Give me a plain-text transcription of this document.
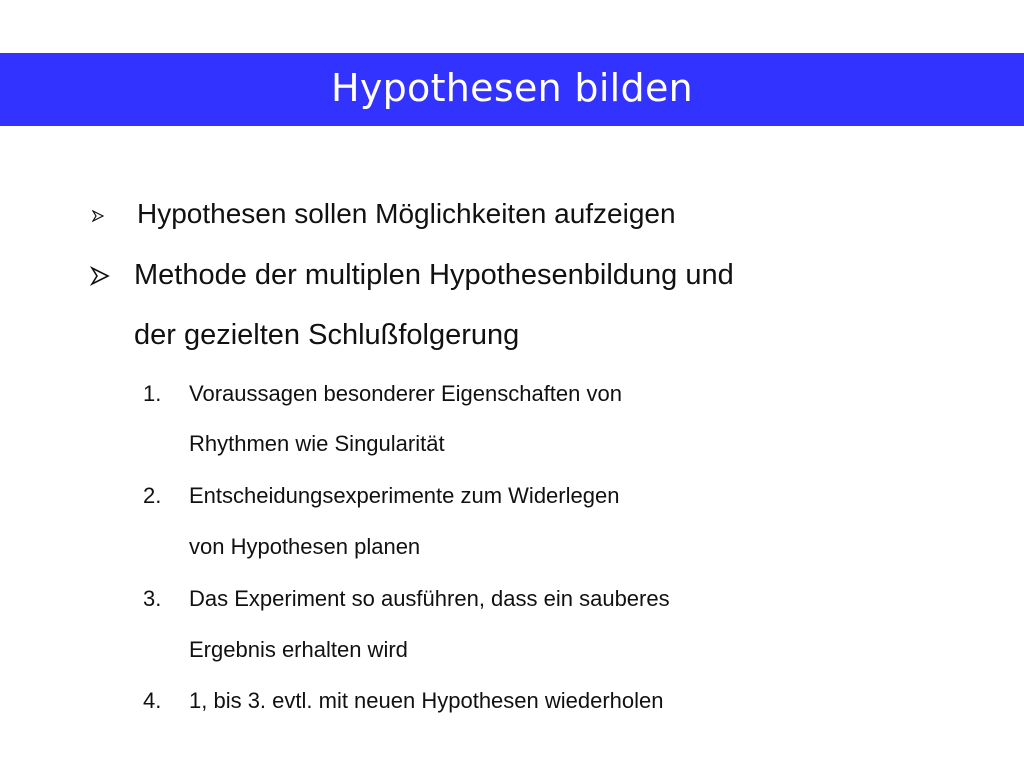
Hypothesen bilden
Hypothesen sollen Möglichkeiten aufzeigen
Methode der multiplen Hypothesenbildung und
der gezielten Schlußfolgerung
1. Voraussagen besonderer Eigenschaften von
Rhythmen wie Singularität
2. Entscheidungsexperimente zum Widerlegen
von Hypothesen planen
3. Das Experiment so ausführen, dass ein sauberes
Ergebnis erhalten wird
4. 1, bis 3. evtl. mit neuen Hypothesen wiederholen
